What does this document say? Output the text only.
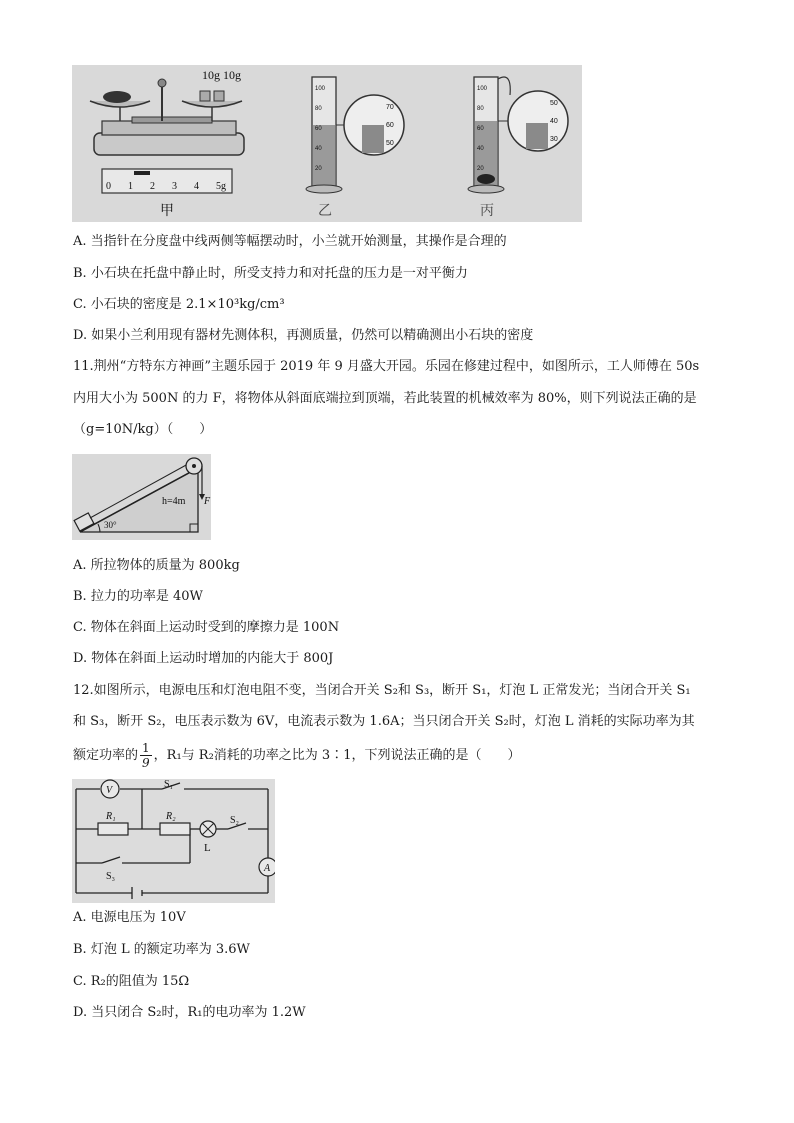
10g 10g
0 1 2 3 4 5g
甲
100
80
60
40
20
70
60
50
乙
100
80
60
40
20
50
40
30
丙
A. 当指针在分度盘中线两侧等幅摆动时，小兰就开始测量，其操作是合理的
B. 小石块在托盘中静止时，所受支持力和对托盘的压力是一对平衡力
C. 小石块的密度是 2.1×10³kg/cm³
D. 如果小兰利用现有器材先测体积，再测质量，仍然可以精确测出小石块的密度
11.荆州“方特东方神画”主题乐园于 2019 年 9 月盛大开园。乐园在修建过程中，如图所示，工人师傅在 50s
内用大小为 500N 的力 F，将物体从斜面底端拉到顶端，若此装置的机械效率为 80%，则下列说法正确的是
（g=10N/kg）（　　）
F
h=4m
30°
A. 所拉物体的质量为 800kg
B. 拉力的功率是 40W
C. 物体在斜面上运动时受到的摩擦力是 100N
D. 物体在斜面上运动时增加的内能大于 800J
12.如图所示，电源电压和灯泡电阻不变，当闭合开关 S₂和 S₃，断开 S₁，灯泡 L 正常发光；当闭合开关 S₁
和 S₃，断开 S₂，电压表示数为 6V，电流表示数为 1.6A；当只闭合开关 S₂时，灯泡 L 消耗的实际功率为其
额定功率的 $\frac{1}{9}$ ，R₁与 R₂消耗的功率之比为 3∶1，下列说法正确的是（　　）
V
A
S₁
S₂
S₃
R₁	R₂
L
A. 电源电压为 10V
B. 灯泡 L 的额定功率为 3.6W
C. R₂的阻值为 15Ω
D. 当只闭合 S₂时，R₁的电功率为 1.2W
